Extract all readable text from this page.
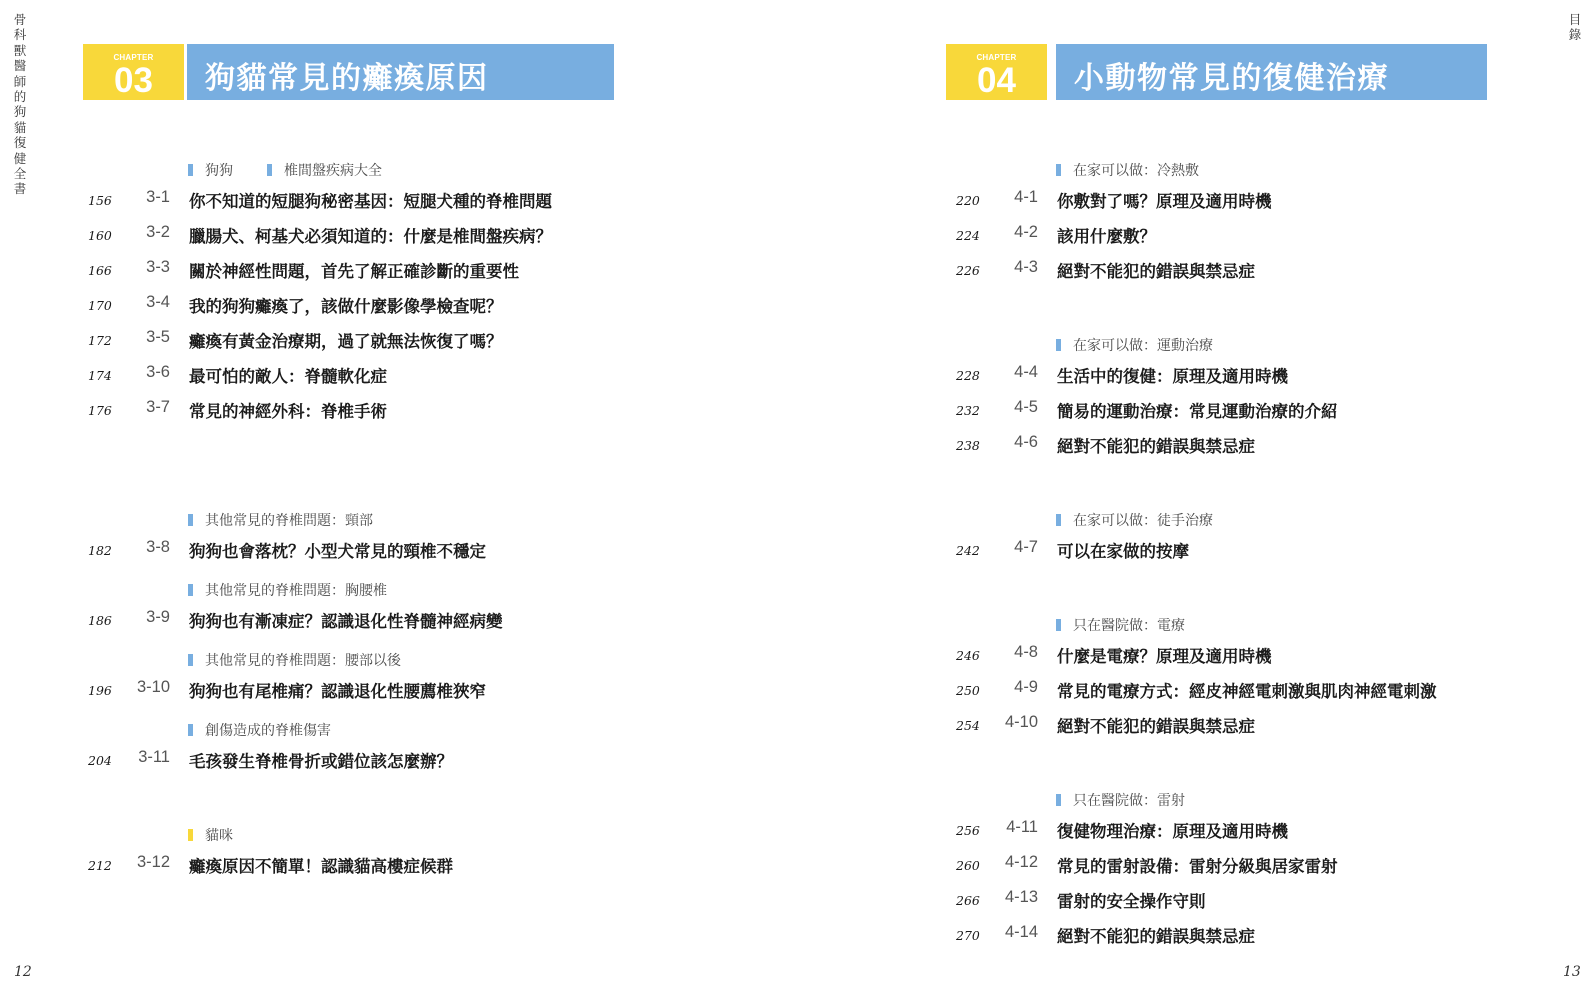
骨科獸醫師的狗貓復健全書
目錄
12	13
CHAPTER
03	狗貓常見的癱瘓原因
狗狗	椎間盤疾病大全
其他常見的脊椎問題：頸部
其他常見的脊椎問題：胸腰椎
其他常見的脊椎問題：腰部以後
創傷造成的脊椎傷害
貓咪
156	3-1 你不知道的短腿狗秘密基因：短腿犬種的脊椎問題
160	3-2 臘腸犬、柯基犬必須知道的：什麼是椎間盤疾病？
166	3-3 關於神經性問題，首先了解正確診斷的重要性
170	3-4 我的狗狗癱瘓了，該做什麼影像學檢查呢？
172	3-5 癱瘓有黃金治療期，過了就無法恢復了嗎？
174	3-6 最可怕的敵人：脊髓軟化症
176	3-7 常見的神經外科：脊椎手術
182	3-8 狗狗也會落枕？小型犬常見的頸椎不穩定
186	3-9 狗狗也有漸凍症？認識退化性脊髓神經病變
196	3-10 狗狗也有尾椎痛？認識退化性腰薦椎狹窄
204	3-11 毛孩發生脊椎骨折或錯位該怎麼辦？
212	3-12 癱瘓原因不簡單！認識貓高樓症候群
CHAPTER
04	小動物常見的復健治療
在家可以做：冷熱敷
在家可以做：運動治療
在家可以做：徒手治療
只在醫院做：電療
只在醫院做：雷射
220	4-1 你敷對了嗎？原理及適用時機
224	4-2 該用什麼敷？
226	4-3 絕對不能犯的錯誤與禁忌症
228	4-4 生活中的復健：原理及適用時機
232	4-5 簡易的運動治療：常見運動治療的介紹
238	4-6 絕對不能犯的錯誤與禁忌症
242	4-7 可以在家做的按摩
246	4-8 什麼是電療？原理及適用時機
250	4-9 常見的電療方式：經皮神經電刺激與肌肉神經電刺激
254	4-10 絕對不能犯的錯誤與禁忌症
256	4-11 復健物理治療：原理及適用時機
260	4-12 常見的雷射設備：雷射分級與居家雷射
266	4-13 雷射的安全操作守則
270	4-14 絕對不能犯的錯誤與禁忌症
